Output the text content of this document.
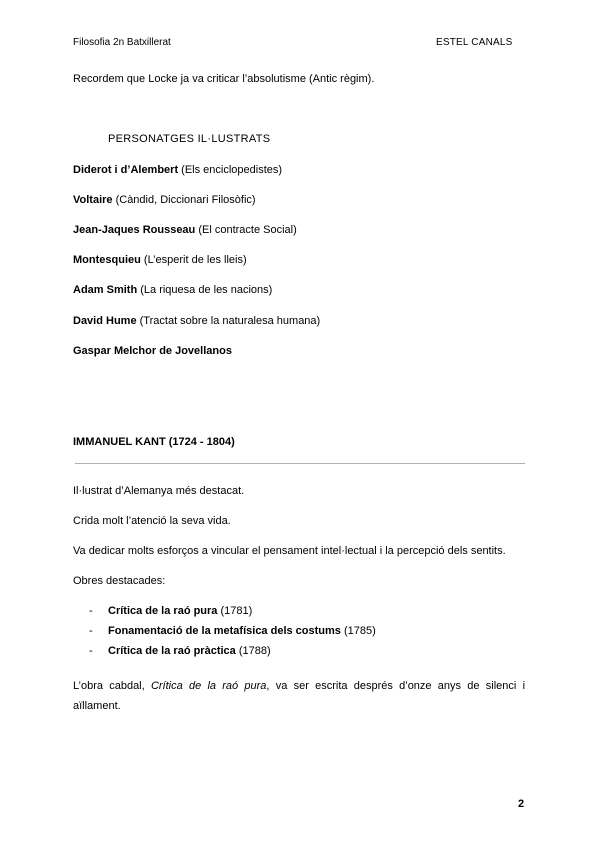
Filosofia 2n Batxillerat	ESTEL CANALS
Recordem que Locke ja va criticar l’absolutisme (Antic règim).
PERSONATGES IL·LUSTRATS
Diderot i d’Alembert (Els enciclopedistes)
Voltaire (Càndid, Diccionari Filosòfic)
Jean-Jaques Rousseau (El contracte Social)
Montesquieu (L’esperit de les lleis)
Adam Smith (La riquesa de les nacions)
David Hume (Tractat sobre la naturalesa humana)
Gaspar Melchor de Jovellanos
IMMANUEL KANT (1724 - 1804)
Il·lustrat d’Alemanya més destacat.
Crida molt l’atenció la seva vida.
Va dedicar molts esforços a vincular el pensament intel·lectual i la percepció dels sentits.
Obres destacades:
- Crítica de la raó pura (1781)
- Fonamentació de la metafísica dels costums (1785)
- Crítica de la raó pràctica (1788)
L’obra cabdal, Crítica de la raó pura, va ser escrita després d’onze anys de silenci i aïllament.
2
